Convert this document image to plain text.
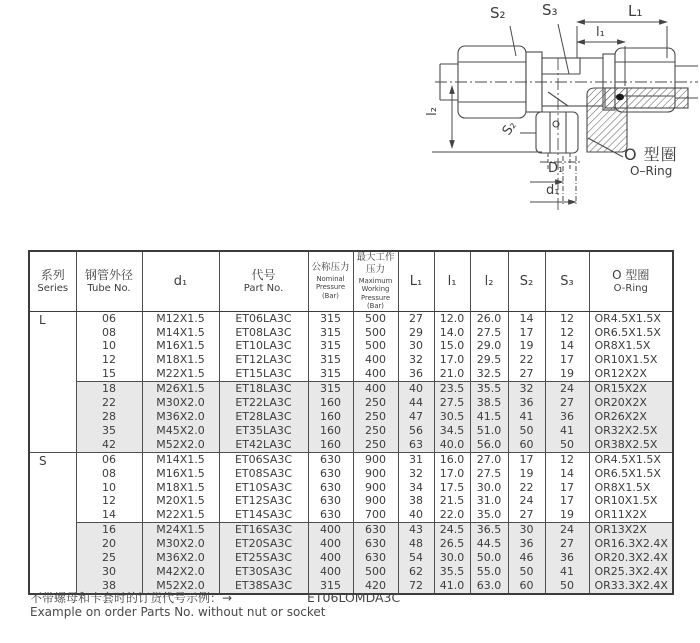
S₂ S₃	L₁
l₁
l₂
S₂
D₁
d₁
O 型圈
O–Ring
系列
Series

钢管外径
Tube No.	d₁	代号
Part No.

公称压力
Nominal
Pressure (Bar)

最大工作压力
Maximum Working
Pressure (Bar)

L₁	l₁	l₂	S₂	S₃	O 型圈
O-Ring

L	06	M12X1.5	ET06LA3C	315	500	27	12.0	26.0	14	12	OR4.5X1.5X
	08	M14X1.5	ET08LA3C	315	500	29	14.0	27.5	17	12	OR6.5X1.5X
	10	M16X1.5	ET10LA3C	315	500	30	15.0	29.0	19	14	OR8X1.5X
	12	M18X1.5	ET12LA3C	315	400	32	17.0	29.5	22	17	OR10X1.5X
	15	M22X1.5	ET15LA3C	315	400	36	21.0	32.5	27	19	OR12X2X
	18	M26X1.5	ET18LA3C	315	400	40	23.5	35.5	32	24	OR15X2X
	22	M30X2.0	ET22LA3C	160	250	44	27.5	38.5	36	27	OR20X2X
	28	M36X2.0	ET28LA3C	160	250	47	30.5	41.5	41	36	OR26X2X
	35	M45X2.0	ET35LA3C	160	250	56	34.5	51.0	50	41	OR32X2.5X
	42	M52X2.0	ET42LA3C	160	250	63	40.0	56.0	60	50	OR38X2.5X
S	06	M14X1.5	ET06SA3C	630	900	31	16.0	27.0	17	12	OR4.5X1.5X
	08	M16X1.5	ET08SA3C	630	900	32	17.0	27.5	19	14	OR6.5X1.5X
	10	M18X1.5	ET10SA3C	630	900	34	17.5	30.0	22	17	OR8X1.5X
	12	M20X1.5	ET12SA3C	630	900	38	21.5	31.0	24	17	OR10X1.5X
	14	M22X1.5	ET14SA3C	630	700	40	22.0	35.0	27	19	OR11X2X
	16	M24X1.5	ET16SA3C	400	630	43	24.5	36.5	30	24	OR13X2X
	20	M30X2.0	ET20SA3C	400	630	48	26.5	44.5	36	27	OR16.3X2.4X
	25	M36X2.0	ET25SA3C	400	630	54	30.0	50.0	46	36	OR20.3X2.4X
	30	M42X2.0	ET30SA3C	400	500	62	35.5	55.0	50	41	OR25.3X2.4X
	38	M52X2.0	ET38SA3C	315	420	72	41.0	63.0	60	50	OR33.3X2.4X
不带螺母和卡套时的订货代号示例：→	ET06LOMDA3C
Example on order Parts No. without nut or socket
